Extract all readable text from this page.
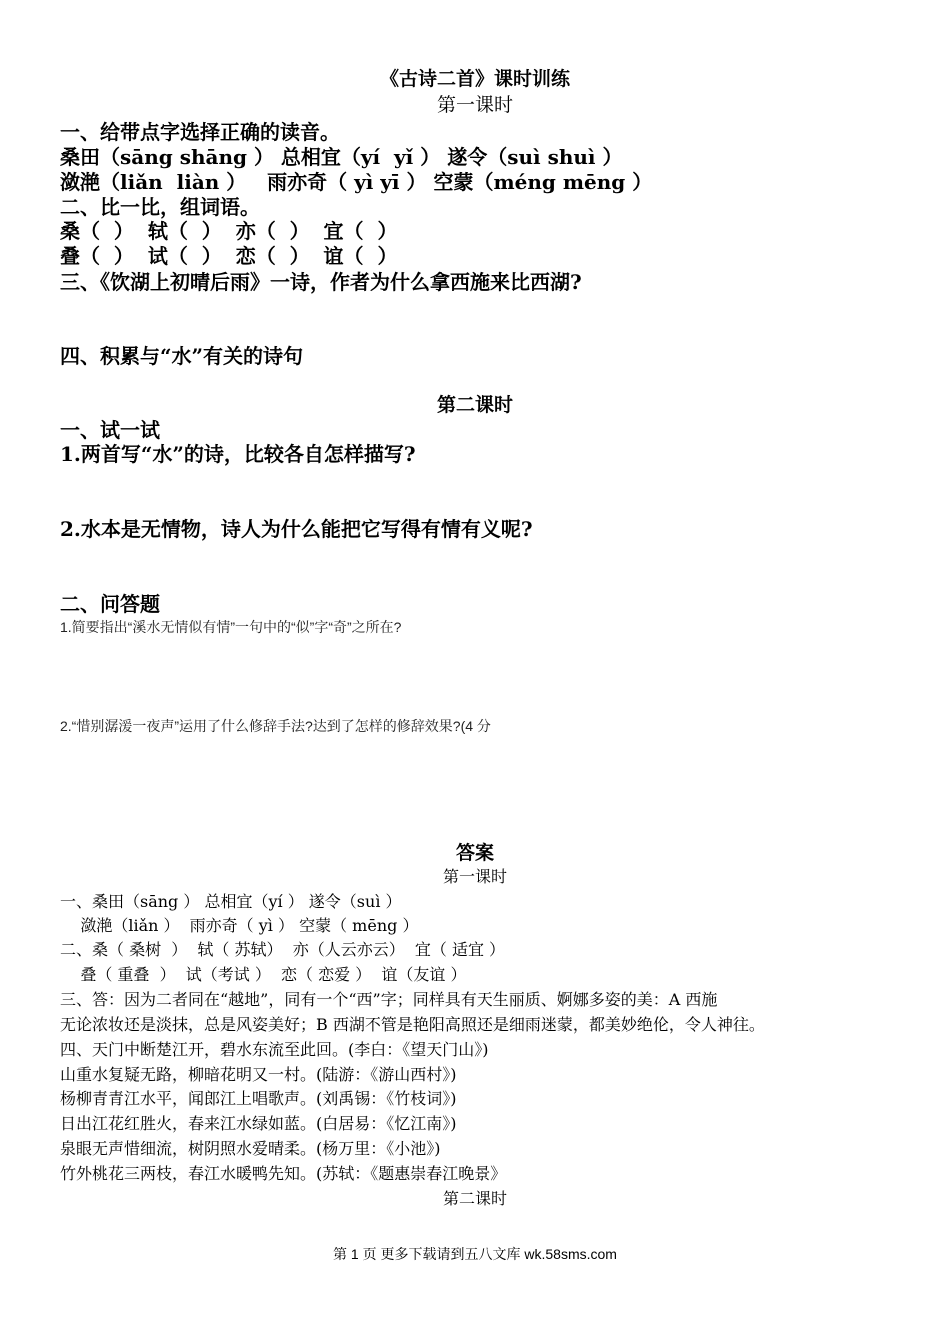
《古诗二首》课时训练
第一课时
一、给带点字选择正确的读音。
桑田（sāng shāng ） 总相宜（yí  yǐ ） 遂令（suì shuì ）
潋滟（liǎn  liàn ）   雨亦奇（ yì yī ） 空蒙（méng mēng ）
二、比一比，组词语。
桑（  ）  轼（  ）  亦（  ）  宜（  ）
叠（  ）  试（  ）  恋（  ）  谊（  ）
三、《饮湖上初晴后雨》一诗，作者为什么拿西施来比西湖?
四、积累与“水”有关的诗句
第二课时
一、试一试
1.两首写“水”的诗，比较各自怎样描写?
2.水本是无情物，诗人为什么能把它写得有情有义呢?
二、问答题
1.简要指出“溪水无情似有情”一句中的“似”字“奇”之所在?
2.“惜别潺湲一夜声”运用了什么修辞手法?达到了怎样的修辞效果?(4 分
答案
第一课时
一、桑田（sāng ） 总相宜（yí ） 遂令（suì ）
潋滟（liǎn ）  雨亦奇（ yì ） 空蒙（ mēng ）
二、桑（ 桑树  ）  轼（ 苏轼）  亦（人云亦云）  宜（ 适宜 ）
叠（ 重叠  ）  试（考试 ）  恋（ 恋爱 ）  谊（友谊 ）
三、答：因为二者同在“越地”，同有一个“西”字；同样具有天生丽质、婀娜多姿的美：A 西施
无论浓妆还是淡抹，总是风姿美好；B 西湖不管是艳阳高照还是细雨迷蒙，都美妙绝伦，令人神往。
四、天门中断楚江开，碧水东流至此回。(李白：《望天门山》)
山重水复疑无路，柳暗花明又一村。(陆游：《游山西村》)
杨柳青青江水平，闻郎江上唱歌声。(刘禹锡：《竹枝词》)
日出江花红胜火，春来江水绿如蓝。(白居易：《忆江南》)
泉眼无声惜细流，树阴照水爱晴柔。(杨万里：《小池》)
竹外桃花三两枝，春江水暖鸭先知。(苏轼：《题惠崇春江晚景》
第二课时
第 1 页 更多下载请到五八文库 wk.58sms.com
